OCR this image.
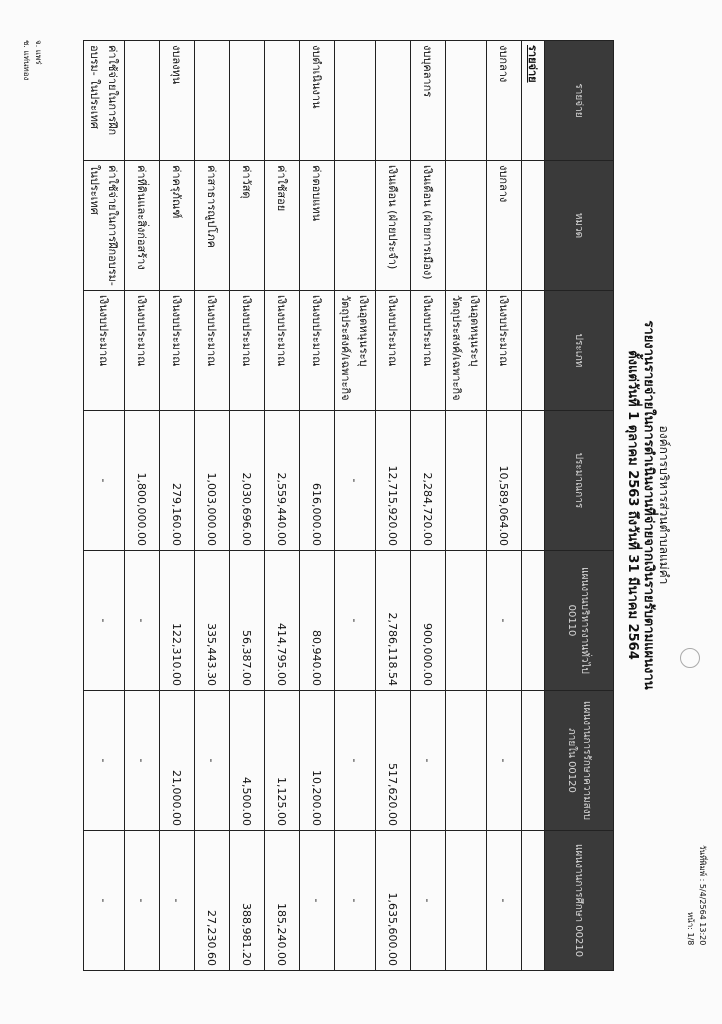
จ. แพร่
ช. แท่นทอง
วันที่พิมพ์ : 5/4/2564 13:20
หน้า: 1/8
องค์การบริหารส่วนตำบลแม่คำ
รายงานรายจ่ายในการดำเนินงานที่จ่ายจากเงินรายรับตามแผนงาน
ตั้งแต่วันที่ 1 ตุลาคม 2563 ถึงวันที่ 31 มีนาคม 2564
รายจ่าย	หมวด	ประเภท	ประมาณการ	แผนงานบริหารงานทั่วไป 00110	แผนงานการรักษาความสงบภายใน 00120	แผนงานการศึกษา 00210
รายจ่าย						
งบกลาง	งบกลาง	เงินงบประมาณ	10,589,064.00	-	-	-
		เงินอุดหนุนระบุวัตถุประสงค์/เฉพาะกิจ				
งบบุคลากร	เงินเดือน (ฝ่ายการเมือง)	เงินงบประมาณ	2,284,720.00	900,000.00	-	-
	เงินเดือน (ฝ่ายประจำ)	เงินงบประมาณ	12,715,920.00	2,786,118.54	517,620.00	1,635,600.00
		เงินอุดหนุนระบุวัตถุประสงค์/เฉพาะกิจ	-	-	-	-
งบดำเนินงาน	ค่าตอบแทน	เงินงบประมาณ	616,000.00	80,940.00	10,200.00	-
	ค่าใช้สอย	เงินงบประมาณ	2,559,440.00	414,795.00	1,125.00	185,240.00
	ค่าวัสดุ	เงินงบประมาณ	2,030,696.00	56,387.00	4,500.00	388,981.20
	ค่าสาธารณูปโภค	เงินงบประมาณ	1,003,000.00	335,443.30	-	27,230.60
งบลงทุน	ค่าครุภัณฑ์	เงินงบประมาณ	279,160.00	122,310.00	21,000.00	-
	ค่าที่ดินและสิ่งก่อสร้าง	เงินงบประมาณ	1,800,000.00	-	-	-
ค่าใช้จ่ายในการฝึกอบรม- ในประเทศ	ค่าใช้จ่ายในการฝึกอบรม- ในประเทศ	เงินงบประมาณ	-	-	-	-
